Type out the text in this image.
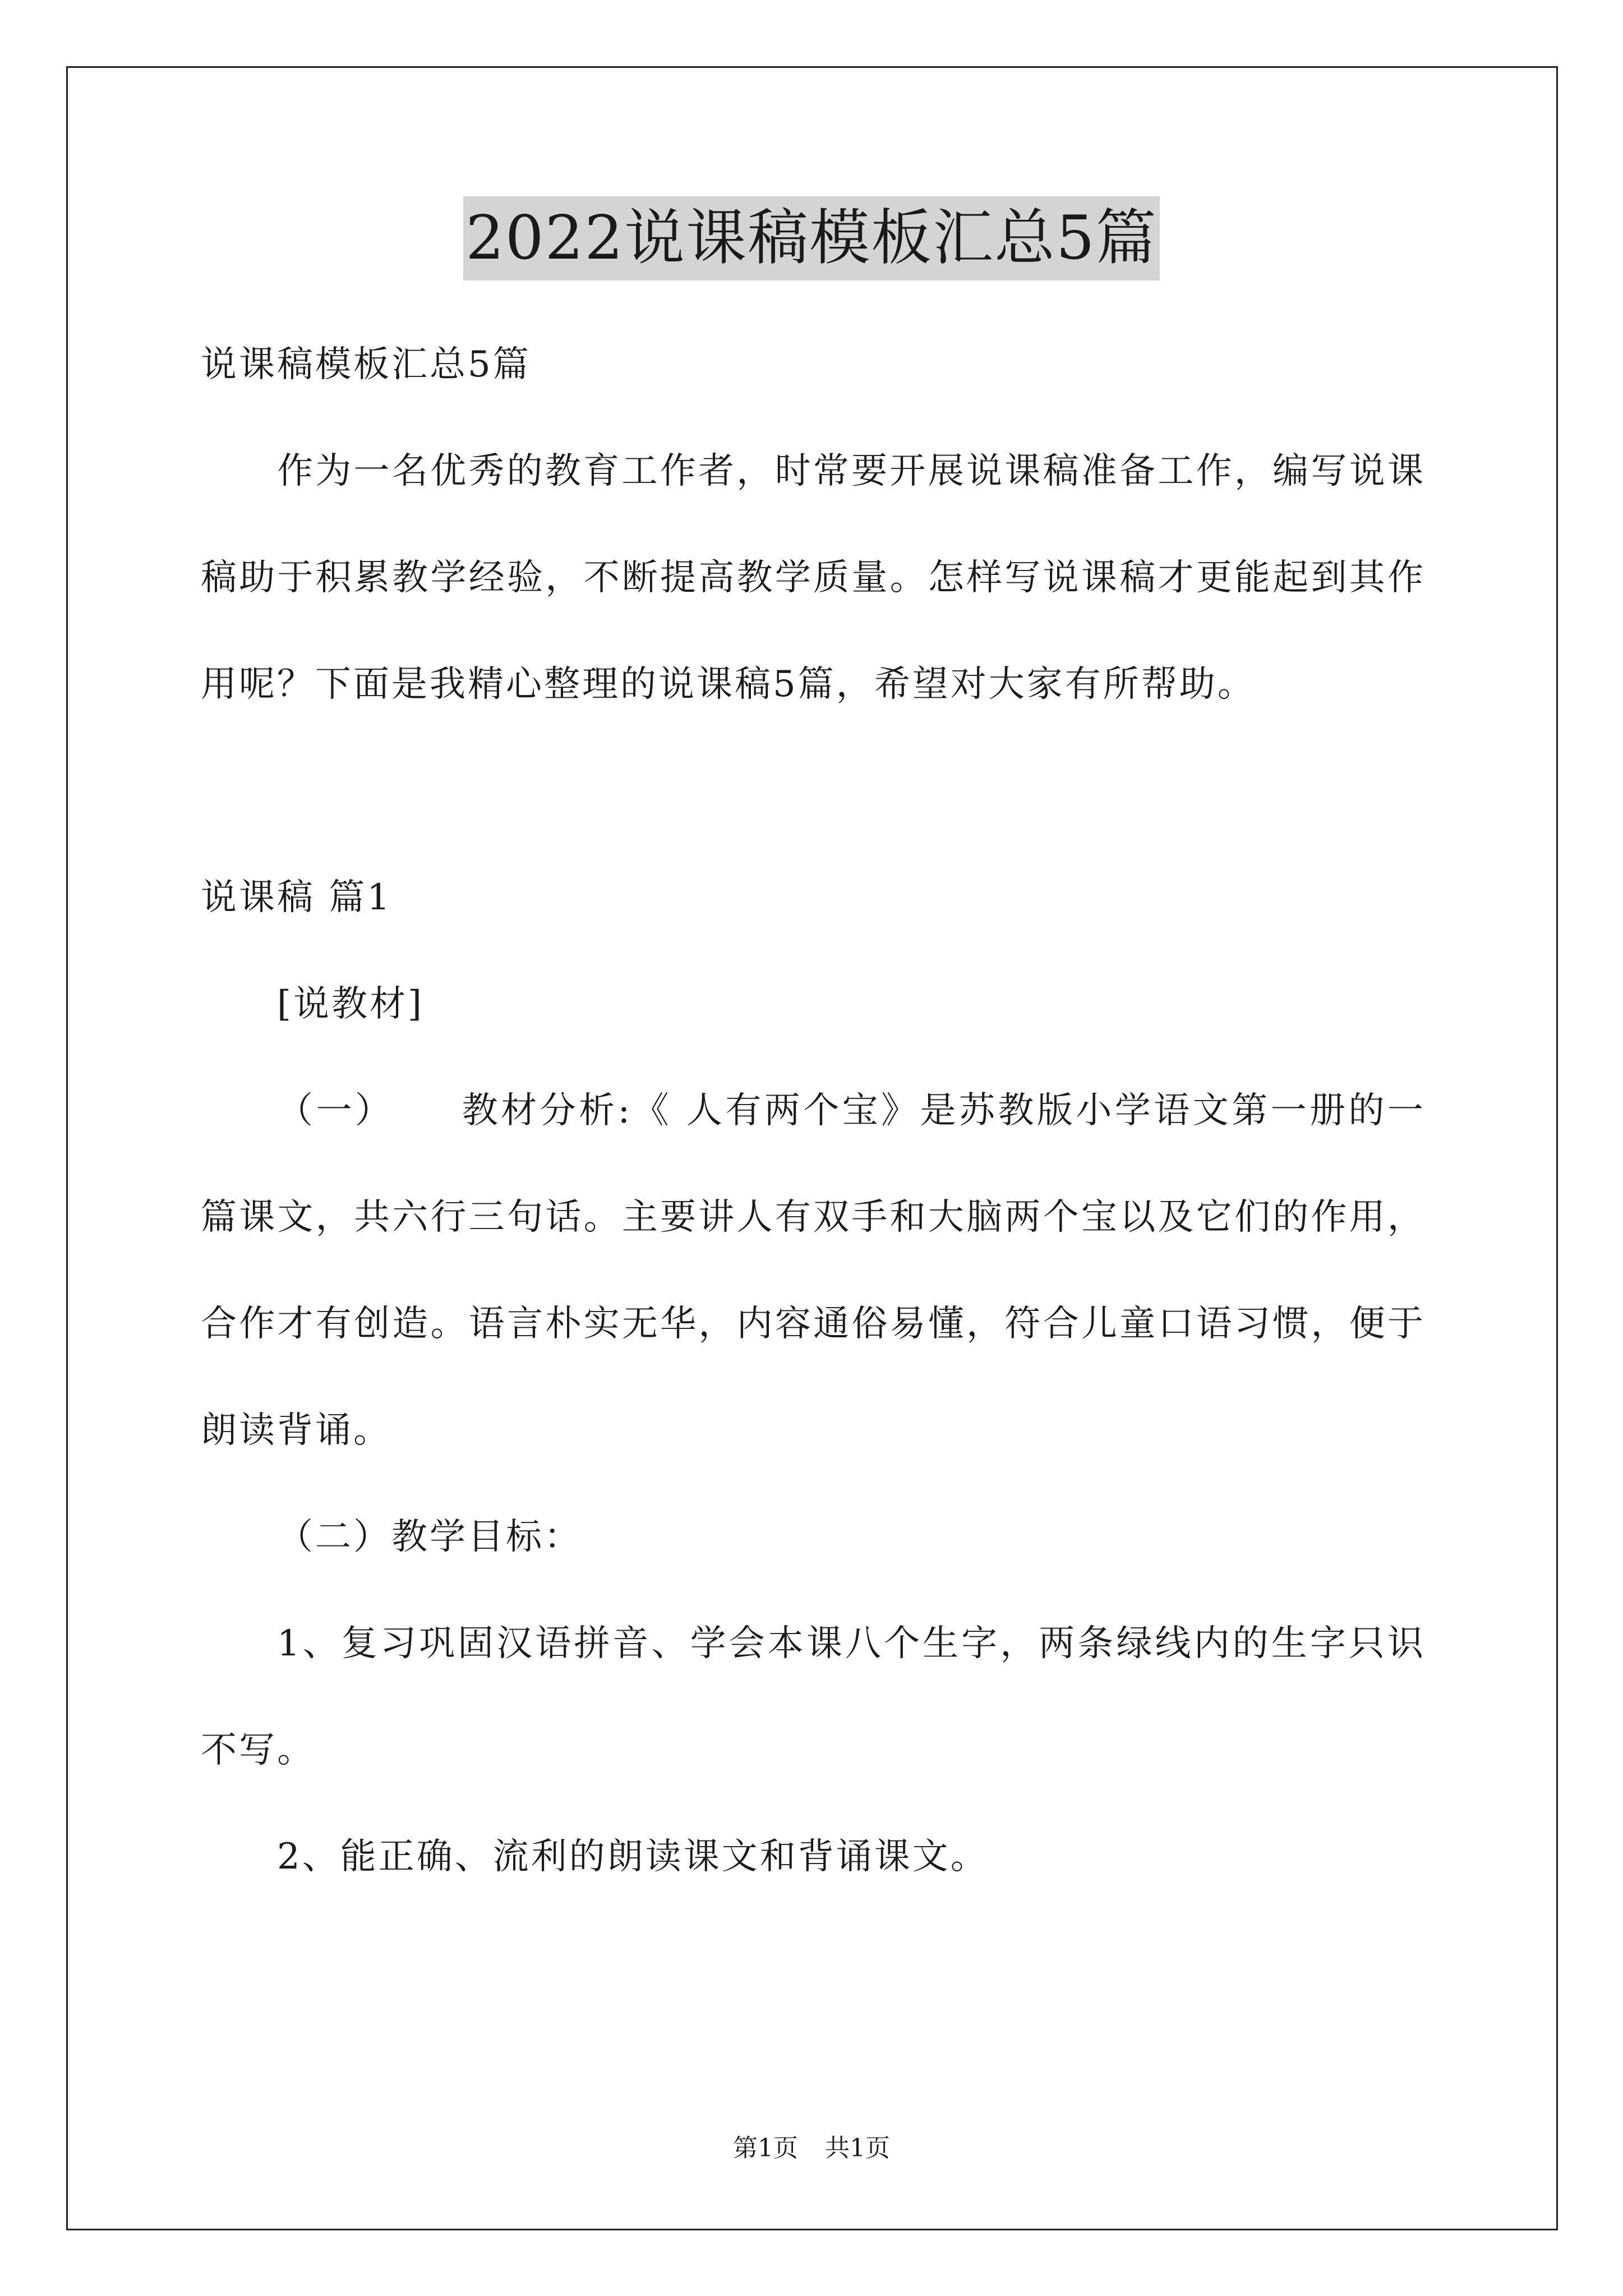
2022说课稿模板汇总5篇

说课稿模板汇总5篇

作为一名优秀的教育工作者，时常要开展说课稿准备工作，编写说课稿助于积累教学经验，不断提高教学质量。怎样写说课稿才更能起到其作用呢？下面是我精心整理的说课稿5篇，希望对大家有所帮助。

说课稿 篇1

[说教材]

（一） 教材分析:《 人有两个宝》是苏教版小学语文第一册的一篇课文，共六行三句话。主要讲人有双手和大脑两个宝以及它们的作用，合作才有创造。语言朴实无华，内容通俗易懂，符合儿童口语习惯，便于朗读背诵。

（二）教学目标：

1、复习巩固汉语拼音、学会本课八个生字，两条绿线内的生字只识不写。

2、能正确、流利的朗读课文和背诵课文。

第1页 共1页
